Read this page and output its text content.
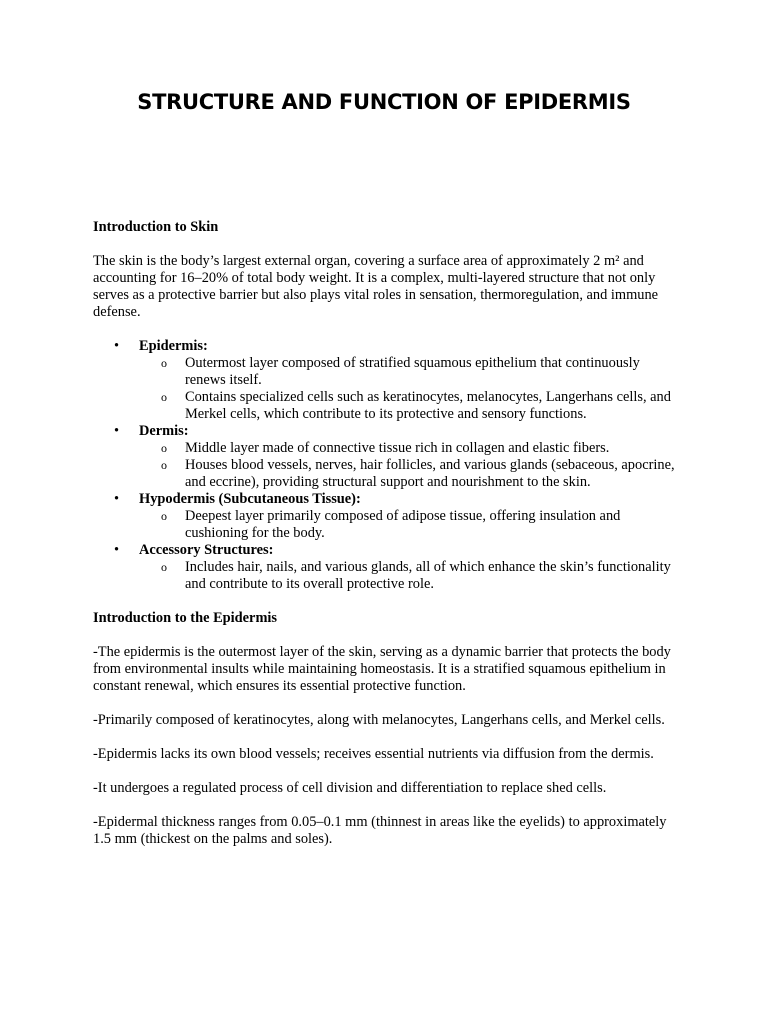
STRUCTURE AND FUNCTION OF EPIDERMIS

Introduction to Skin

The skin is the body’s largest external organ, covering a surface area of approximately 2 m² and accounting for 16–20% of total body weight. It is a complex, multi-layered structure that not only serves as a protective barrier but also plays vital roles in sensation, thermoregulation, and immune defense.

• Epidermis:
o Outermost layer composed of stratified squamous epithelium that continuously renews itself.
o Contains specialized cells such as keratinocytes, melanocytes, Langerhans cells, and Merkel cells, which contribute to its protective and sensory functions.
• Dermis:
o Middle layer made of connective tissue rich in collagen and elastic fibers.
o Houses blood vessels, nerves, hair follicles, and various glands (sebaceous, apocrine, and eccrine), providing structural support and nourishment to the skin.
• Hypodermis (Subcutaneous Tissue):
o Deepest layer primarily composed of adipose tissue, offering insulation and cushioning for the body.
• Accessory Structures:
o Includes hair, nails, and various glands, all of which enhance the skin’s functionality and contribute to its overall protective role.

Introduction to the Epidermis

-The epidermis is the outermost layer of the skin, serving as a dynamic barrier that protects the body from environmental insults while maintaining homeostasis. It is a stratified squamous epithelium in constant renewal, which ensures its essential protective function.

-Primarily composed of keratinocytes, along with melanocytes, Langerhans cells, and Merkel cells.

-Epidermis lacks its own blood vessels; receives essential nutrients via diffusion from the dermis.

-It undergoes a regulated process of cell division and differentiation to replace shed cells.

-Epidermal thickness ranges from 0.05–0.1 mm (thinnest in areas like the eyelids) to approximately 1.5 mm (thickest on the palms and soles).
